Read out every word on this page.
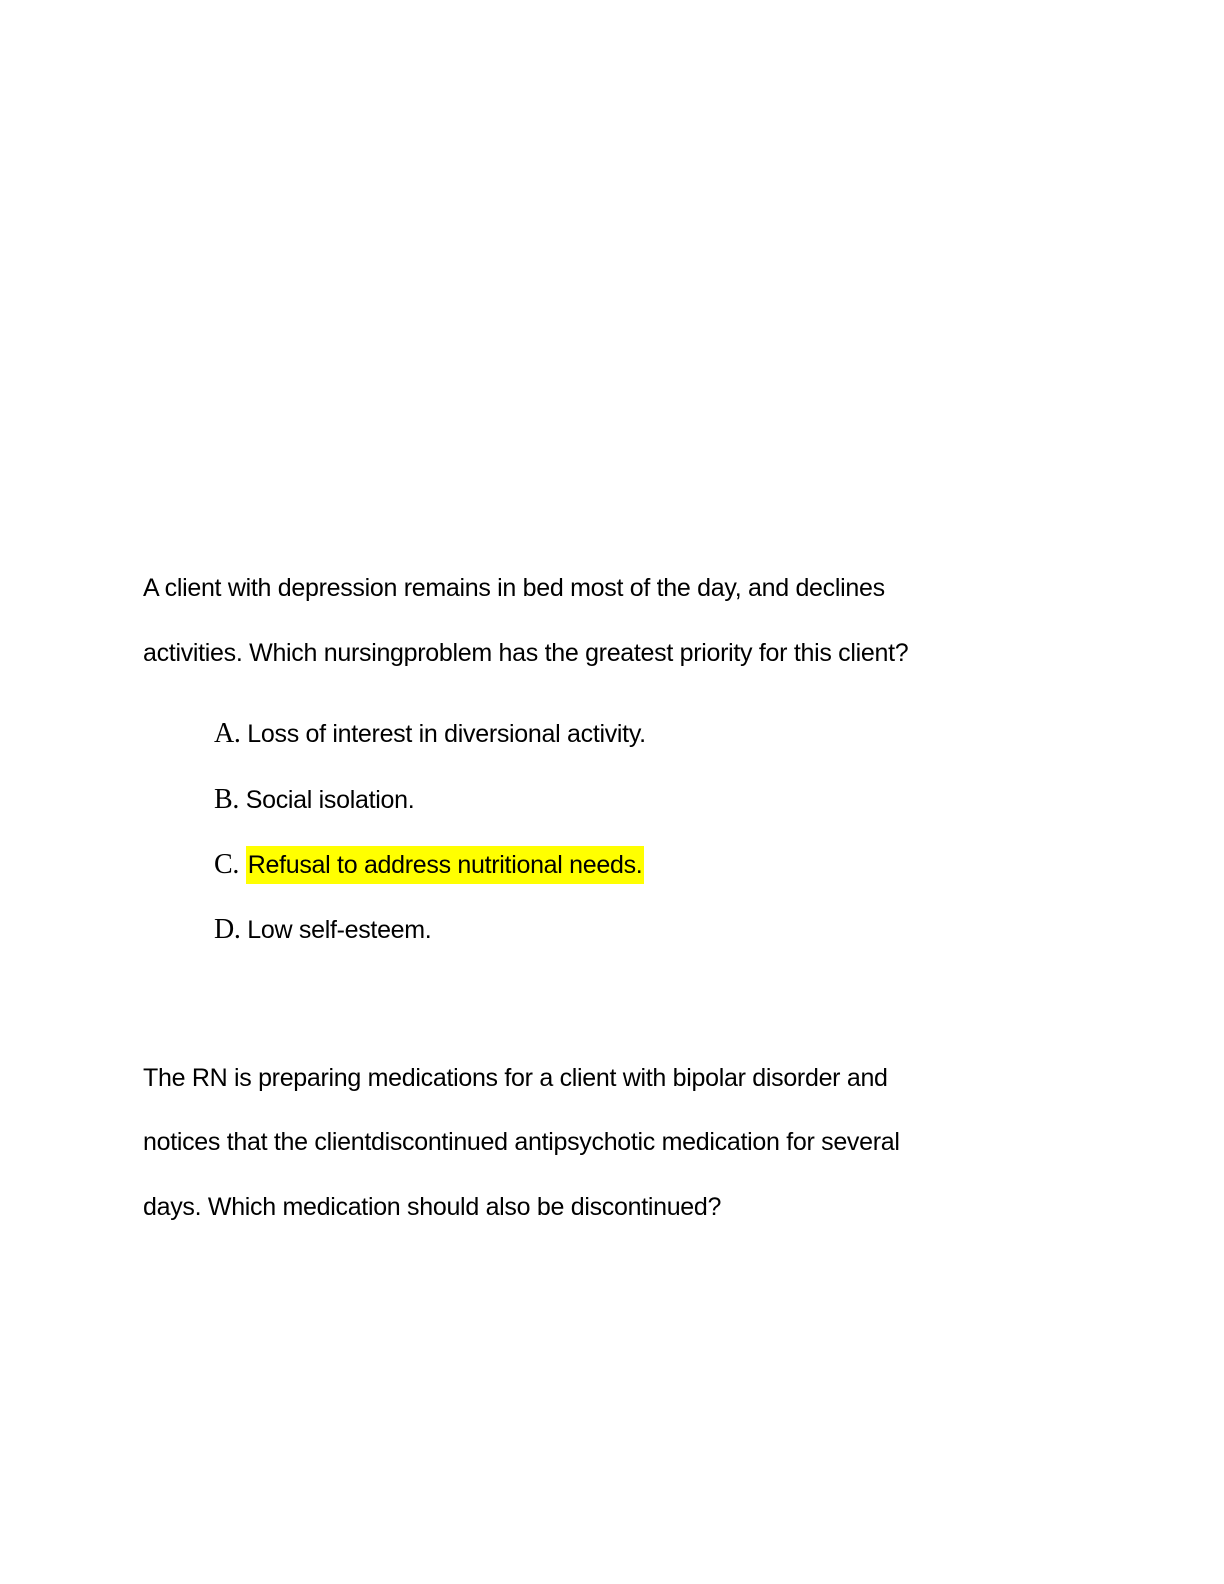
A client with depression remains in bed most of the day, and declines
activities. Which nursingproblem has the greatest priority for this client?
A. Loss of interest in diversional activity.
B. Social isolation.
C. Refusal to address nutritional needs.
D. Low self-esteem.
The RN is preparing medications for a client with bipolar disorder and
notices that the clientdiscontinued antipsychotic medication for several
days. Which medication should also be discontinued?
